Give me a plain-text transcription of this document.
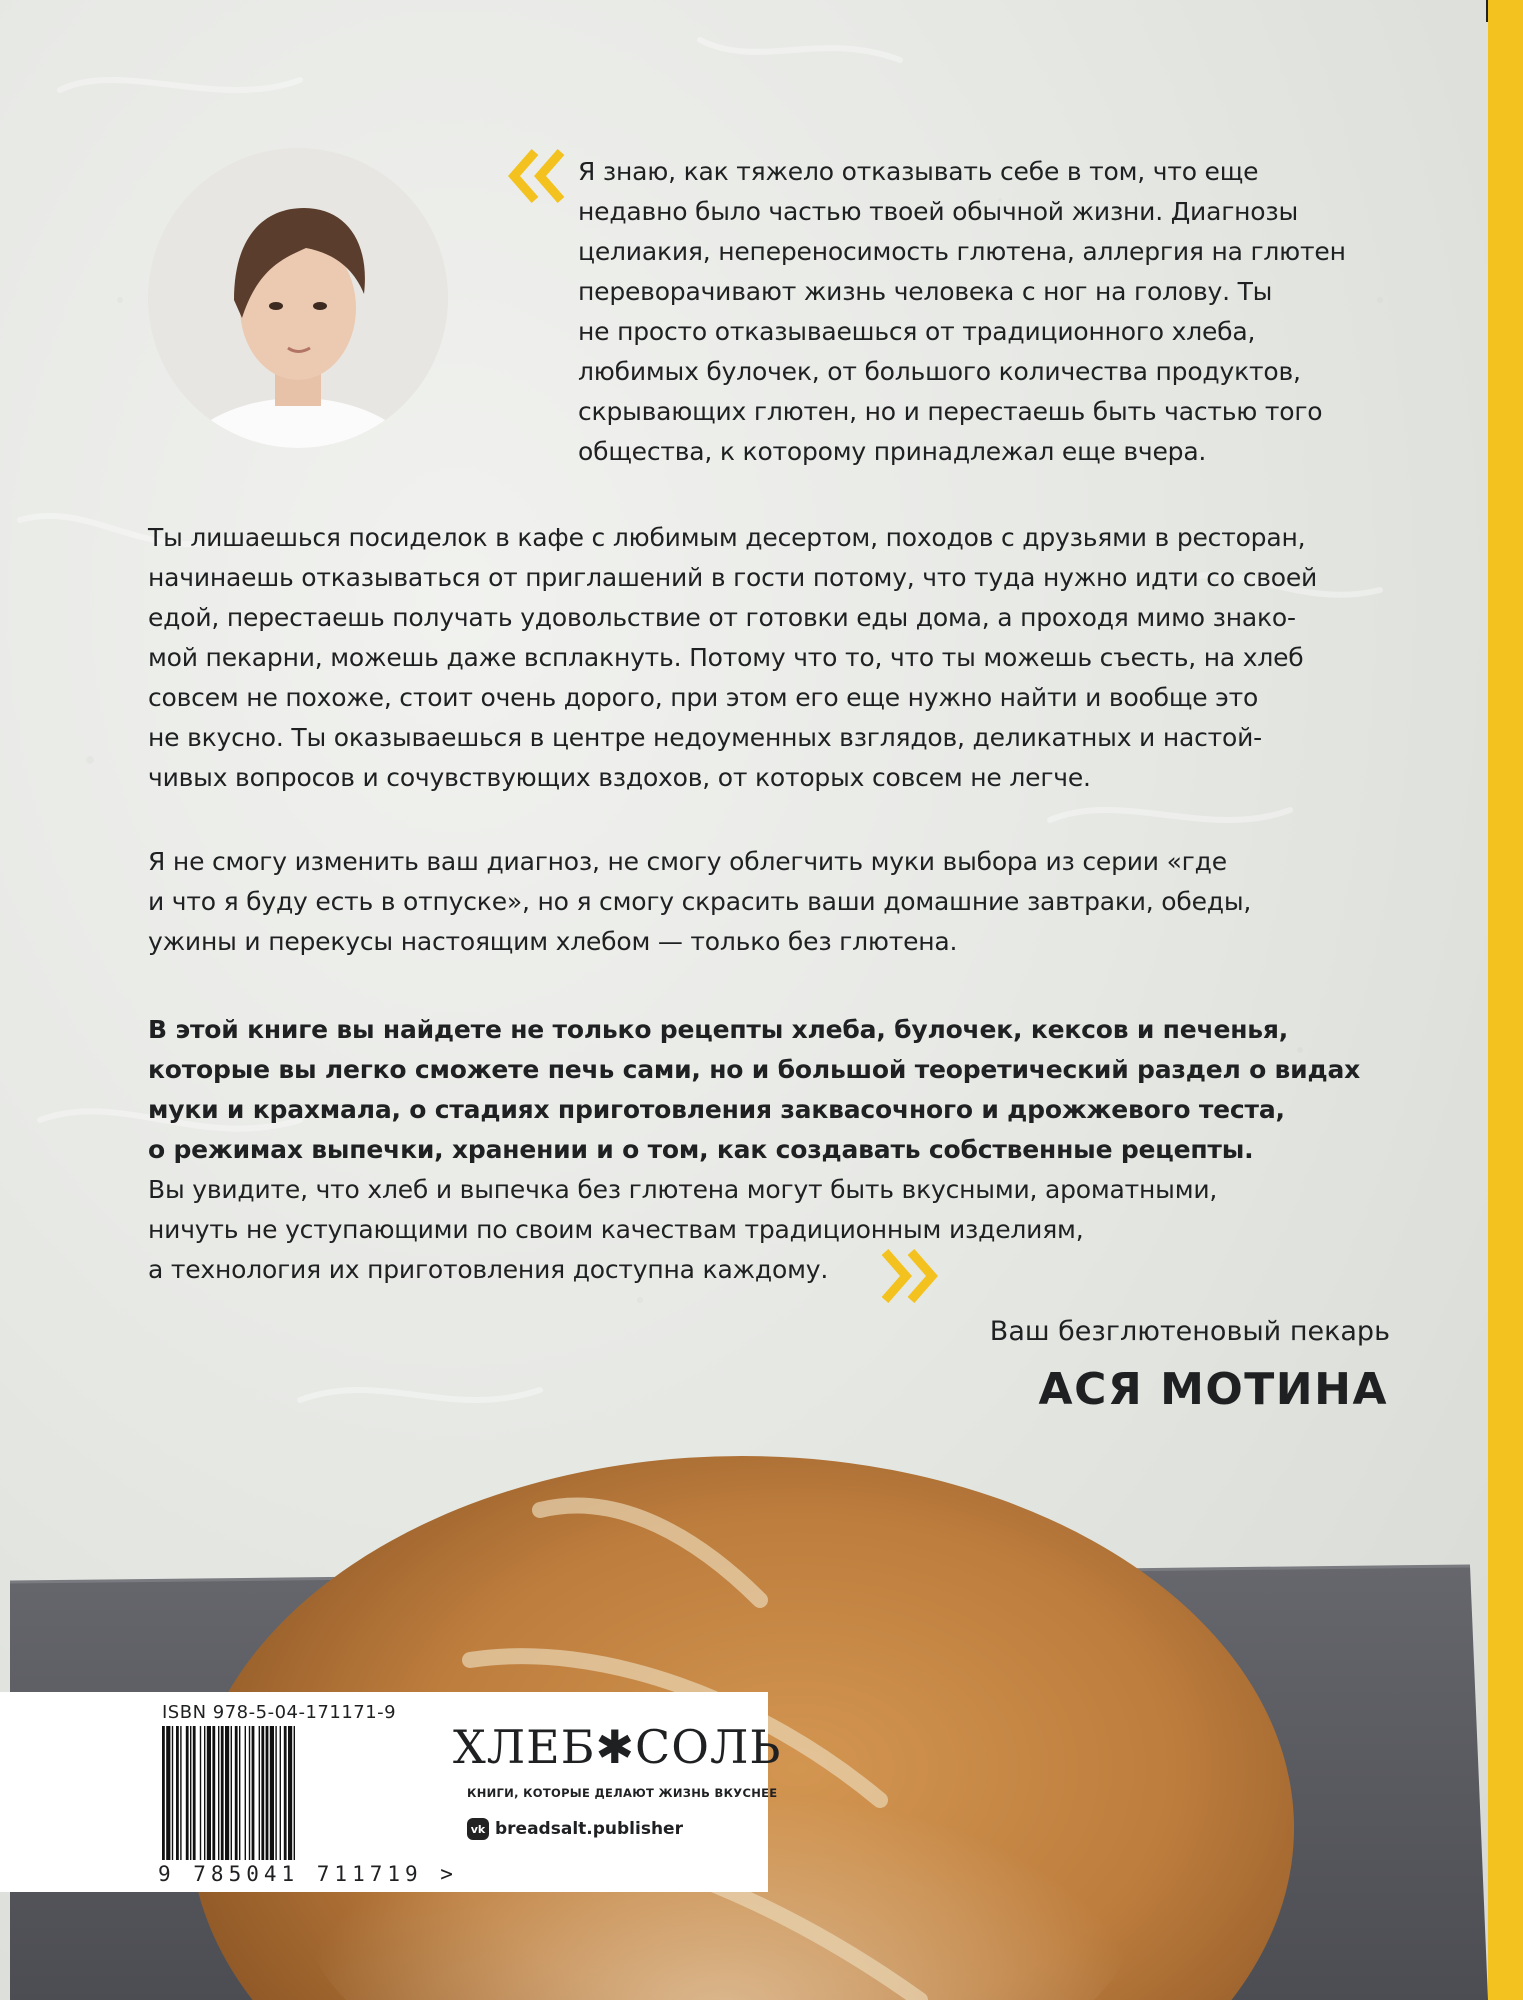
Я знаю, как тяжело отказывать себе в том, что еще
недавно было частью твоей обычной жизни. Диагнозы
целиакия, непереносимость глютена, аллергия на глютен
переворачивают жизнь человека с ног на голову. Ты
не просто отказываешься от традиционного хлеба,
любимых булочек, от большого количества продуктов,
скрывающих глютен, но и перестаешь быть частью того
общества, к которому принадлежал еще вчера.
Ты лишаешься посиделок в кафе с любимым десертом, походов с друзьями в ресторан,
начинаешь отказываться от приглашений в гости потому, что туда нужно идти со своей
едой, перестаешь получать удовольствие от готовки еды дома, а проходя мимо знако-
мой пекарни, можешь даже всплакнуть. Потому что то, что ты можешь съесть, на хлеб
совсем не похоже, стоит очень дорого, при этом его еще нужно найти и вообще это
не вкусно. Ты оказываешься в центре недоуменных взглядов, деликатных и настой-
чивых вопросов и сочувствующих вздохов, от которых совсем не легче.
Я не смогу изменить ваш диагноз, не смогу облегчить муки выбора из серии «где
и что я буду есть в отпуске», но я смогу скрасить ваши домашние завтраки, обеды,
ужины и перекусы настоящим хлебом — только без глютена.
В этой книге вы найдете не только рецепты хлеба, булочек, кексов и печенья,
которые вы легко сможете печь сами, но и большой теоретический раздел о видах
муки и крахмала, о стадиях приготовления заквасочного и дрожжевого теста,
о режимах выпечки, хранении и о том, как создавать собственные рецепты.
Вы увидите, что хлеб и выпечка без глютена могут быть вкусными, ароматными,
ничуть не уступающими по своим качествам традиционным изделиям,
а технология их приготовления доступна каждому.
Ваш безглютеновый пекарь
АСЯ МОТИНА
ISBN 978-5-04-171171-9
9 785041 711719 >
ХЛЕБ✱СОЛЬ
КНИГИ, КОТОРЫЕ ДЕЛАЮТ ЖИЗНЬ ВКУСНЕЕ
vk breadsalt.publisher
